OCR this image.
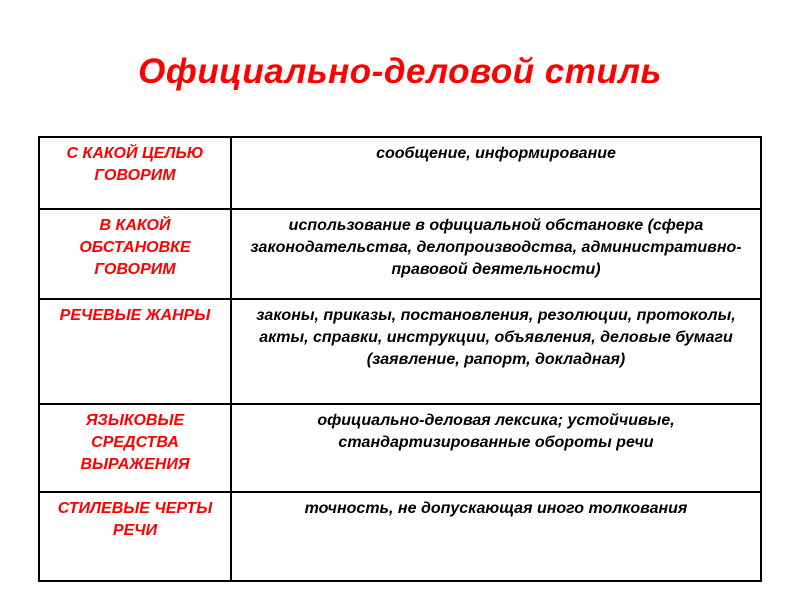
Официально-деловой стиль
С КАКОЙ ЦЕЛЬЮ ГОВОРИМ	сообщение, информирование
В КАКОЙ ОБСТАНОВКЕ ГОВОРИМ	использование в официальной обстановке (сфера законодательства, делопроизводства, административно-правовой деятельности)
РЕЧЕВЫЕ ЖАНРЫ	законы, приказы, постановления, резолюции, протоколы, акты, справки, инструкции, объявления, деловые бумаги (заявление, рапорт, докладная)
ЯЗЫКОВЫЕ СРЕДСТВА ВЫРАЖЕНИЯ	официально-деловая лексика; устойчивые, стандартизированные обороты речи
СТИЛЕВЫЕ ЧЕРТЫ РЕЧИ	точность, не допускающая иного толкования
